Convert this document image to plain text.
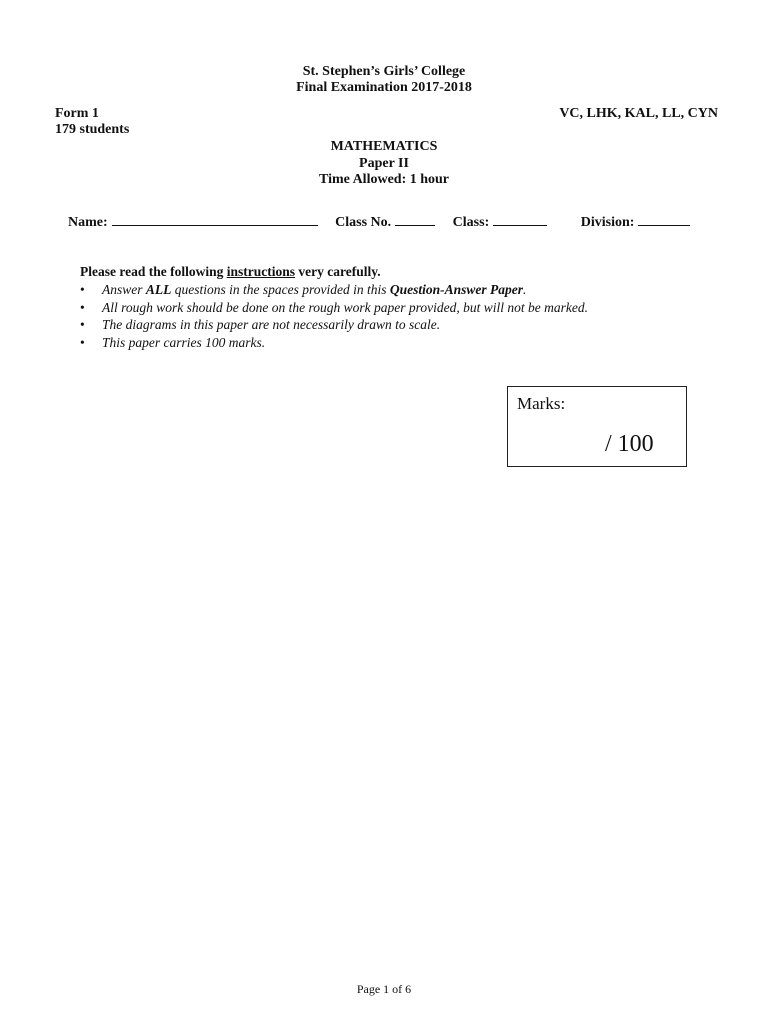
St. Stephen’s Girls’ College
Final Examination 2017-2018
Form 1
179 students
VC, LHK, KAL, LL, CYN
MATHEMATICS
Paper II
Time Allowed: 1 hour
Name:	Class No.	Class:	Division:
Please read the following instructions very carefully.
• Answer ALL questions in the spaces provided in this Question-Answer Paper.
• All rough work should be done on the rough work paper provided, but will not be marked.
• The diagrams in this paper are not necessarily drawn to scale.
• This paper carries 100 marks.
Marks:
/ 100
Page 1 of 6
